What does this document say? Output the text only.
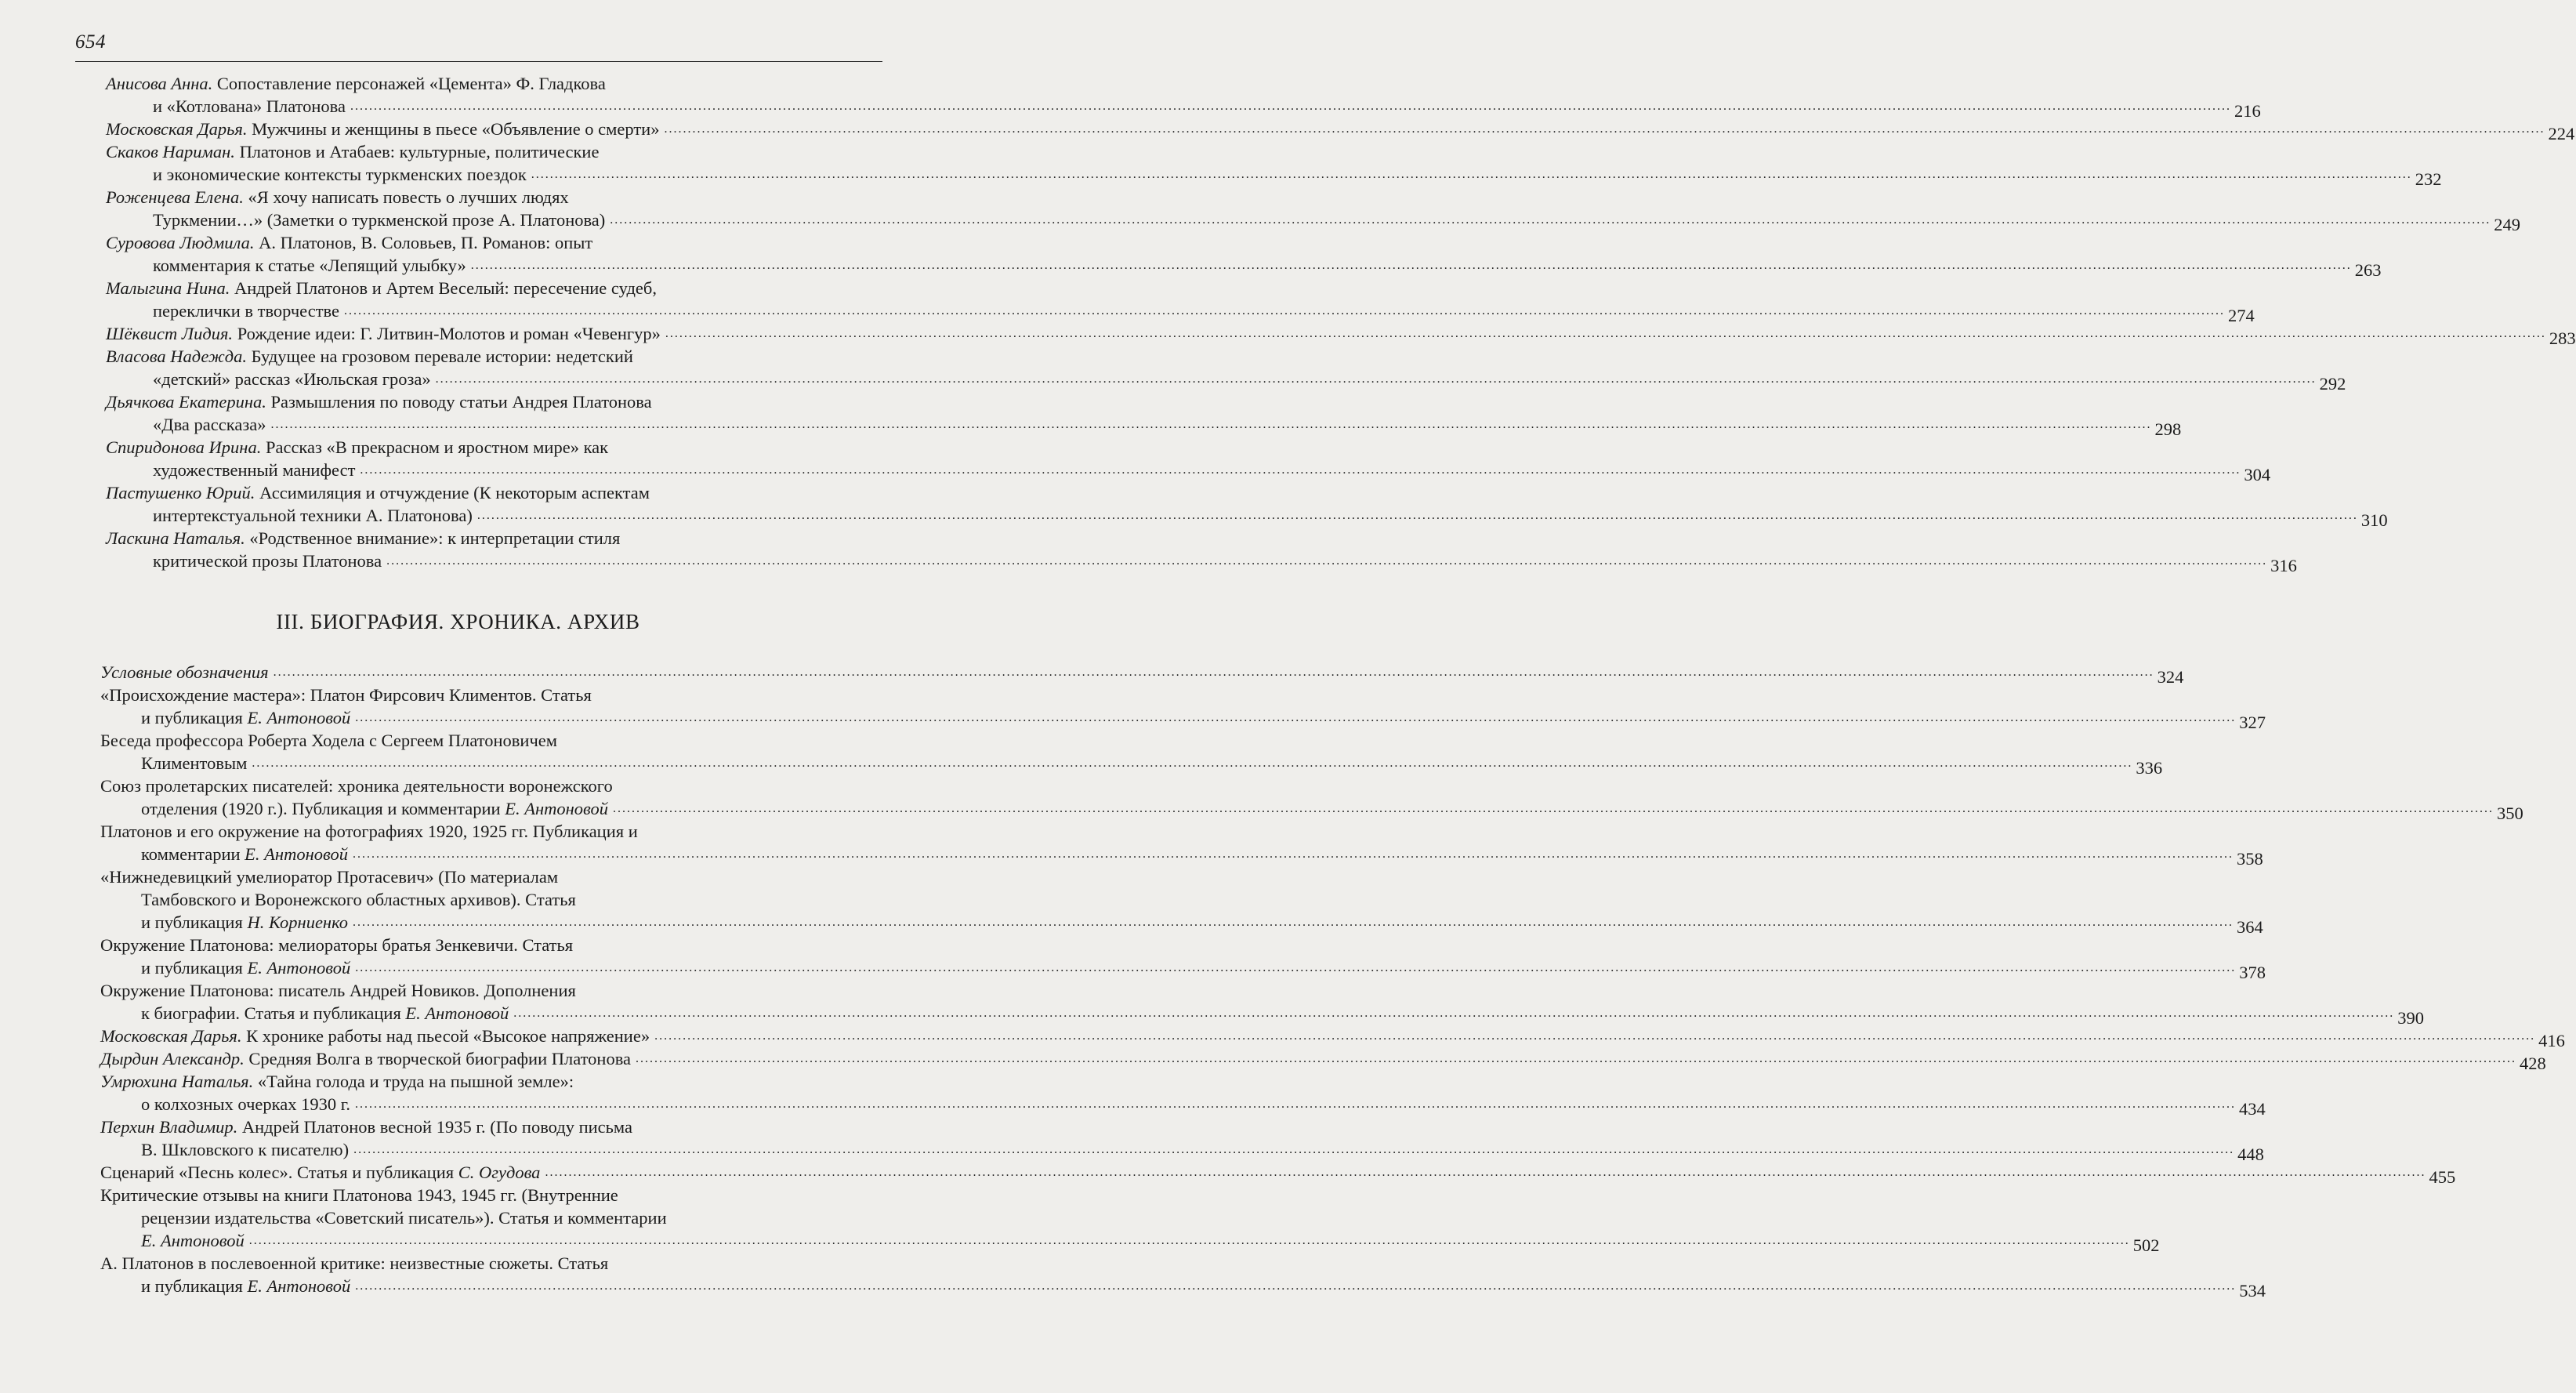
654
Анисова Анна. Сопоставление персонажей «Цемента» Ф. Гладкова
и «Котлована» Платонова ................................................................................................................................................................................................................................................................................................................................................................................................................ 216
Московская Дарья. Мужчины и женщины в пьесе «Объявление о смерти» ................................................................................................................................................................................................................................................................................................................................................................................................................ 224
Скаков Нариман. Платонов и Атабаев: культурные, политические
и экономические контексты туркменских поездок ................................................................................................................................................................................................................................................................................................................................................................................................................ 232
Роженцева Елена. «Я хочу написать повесть о лучших людях
Туркмении…» (Заметки о туркменской прозе А. Платонова) ................................................................................................................................................................................................................................................................................................................................................................................................................ 249
Суровова Людмила. А. Платонов, В. Соловьев, П. Романов: опыт
комментария к статье «Лепящий улыбку» ................................................................................................................................................................................................................................................................................................................................................................................................................ 263
Малыгина Нина. Андрей Платонов и Артем Веселый: пересечение судеб,
переклички в творчестве ................................................................................................................................................................................................................................................................................................................................................................................................................ 274
Шёквист Лидия. Рождение идеи: Г. Литвин-Молотов и роман «Чевенгур» ................................................................................................................................................................................................................................................................................................................................................................................................................ 283
Власова Надежда. Будущее на грозовом перевале истории: недетский
«детский» рассказ «Июльская гроза» ................................................................................................................................................................................................................................................................................................................................................................................................................ 292
Дьячкова Екатерина. Размышления по поводу статьи Андрея Платонова
«Два рассказа» ................................................................................................................................................................................................................................................................................................................................................................................................................ 298
Спиридонова Ирина. Рассказ «В прекрасном и яростном мире» как
художественный манифест ................................................................................................................................................................................................................................................................................................................................................................................................................ 304
Пастушенко Юрий. Ассимиляция и отчуждение (К некоторым аспектам
интертекстуальной техники А. Платонова) ................................................................................................................................................................................................................................................................................................................................................................................................................ 310
Ласкина Наталья. «Родственное внимание»: к интерпретации стиля
критической прозы Платонова ................................................................................................................................................................................................................................................................................................................................................................................................................ 316
III. БИОГРАФИЯ. ХРОНИКА. АРХИВ
Условные обозначения ................................................................................................................................................................................................................................................................................................................................................................................................................ 324
«Происхождение мастера»: Платон Фирсович Климентов. Статья
и публикация Е. Антоновой ................................................................................................................................................................................................................................................................................................................................................................................................................ 327
Беседа профессора Роберта Ходела с Сергеем Платоновичем
Климентовым ................................................................................................................................................................................................................................................................................................................................................................................................................ 336
Союз пролетарских писателей: хроника деятельности воронежского
отделения (1920 г.). Публикация и комментарии Е. Антоновой ................................................................................................................................................................................................................................................................................................................................................................................................................ 350
Платонов и его окружение на фотографиях 1920, 1925 гг. Публикация и
комментарии Е. Антоновой ................................................................................................................................................................................................................................................................................................................................................................................................................ 358
«Нижнедевицкий умелиоратор Протасевич» (По материалам
Тамбовского и Воронежского областных архивов). Статья
и публикация Н. Корниенко ................................................................................................................................................................................................................................................................................................................................................................................................................ 364
Окружение Платонова: мелиораторы братья Зенкевичи. Статья
и публикация Е. Антоновой ................................................................................................................................................................................................................................................................................................................................................................................................................ 378
Окружение Платонова: писатель Андрей Новиков. Дополнения
к биографии. Статья и публикация Е. Антоновой ................................................................................................................................................................................................................................................................................................................................................................................................................ 390
Московская Дарья. К хронике работы над пьесой «Высокое напряжение» ................................................................................................................................................................................................................................................................................................................................................................................................................ 416
Дырдин Александр. Средняя Волга в творческой биографии Платонова ................................................................................................................................................................................................................................................................................................................................................................................................................ 428
Умрюхина Наталья. «Тайна голода и труда на пышной земле»:
о колхозных очерках 1930 г. ................................................................................................................................................................................................................................................................................................................................................................................................................ 434
Перхин Владимир. Андрей Платонов весной 1935 г. (По поводу письма
В. Шкловского к писателю) ................................................................................................................................................................................................................................................................................................................................................................................................................ 448
Сценарий «Песнь колес». Статья и публикация С. Огудова ................................................................................................................................................................................................................................................................................................................................................................................................................ 455
Критические отзывы на книги Платонова 1943, 1945 гг. (Внутренние
рецензии издательства «Советский писатель»). Статья и комментарии
Е. Антоновой ................................................................................................................................................................................................................................................................................................................................................................................................................ 502
А. Платонов в послевоенной критике: неизвестные сюжеты. Статья
и публикация Е. Антоновой ................................................................................................................................................................................................................................................................................................................................................................................................................ 534
